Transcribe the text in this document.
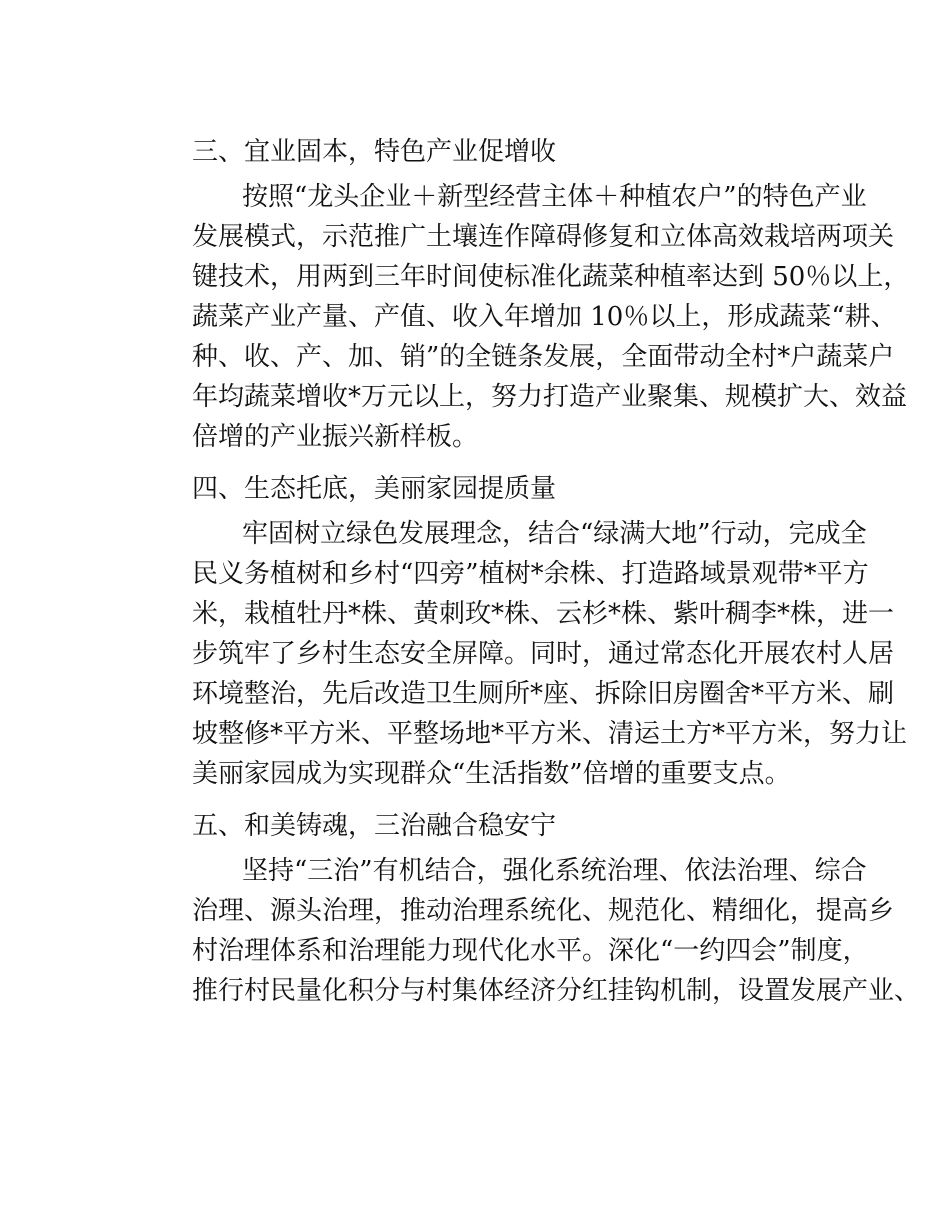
三、宜业固本，特色产业促增收
按照“龙头企业＋新型经营主体＋种植农户”的特色产业
发展模式，示范推广土壤连作障碍修复和立体高效栽培两项关
键技术，用两到三年时间使标准化蔬菜种植率达到 50％以上，
蔬菜产业产量、产值、收入年增加 10％以上，形成蔬菜“耕、
种、收、产、加、销”的全链条发展，全面带动全村*户蔬菜户
年均蔬菜增收*万元以上，努力打造产业聚集、规模扩大、效益
倍增的产业振兴新样板。
四、生态托底，美丽家园提质量
牢固树立绿色发展理念，结合“绿满大地”行动，完成全
民义务植树和乡村“四旁”植树*余株、打造路域景观带*平方
米，栽植牡丹*株、黄刺玫*株、云杉*株、紫叶稠李*株，进一
步筑牢了乡村生态安全屏障。同时，通过常态化开展农村人居
环境整治，先后改造卫生厕所*座、拆除旧房圈舍*平方米、刷
坡整修*平方米、平整场地*平方米、清运土方*平方米，努力让
美丽家园成为实现群众“生活指数”倍增的重要支点。
五、和美铸魂，三治融合稳安宁
坚持“三治”有机结合，强化系统治理、依法治理、综合
治理、源头治理，推动治理系统化、规范化、精细化，提高乡
村治理体系和治理能力现代化水平。深化“一约四会”制度，
推行村民量化积分与村集体经济分红挂钩机制，设置发展产业、
